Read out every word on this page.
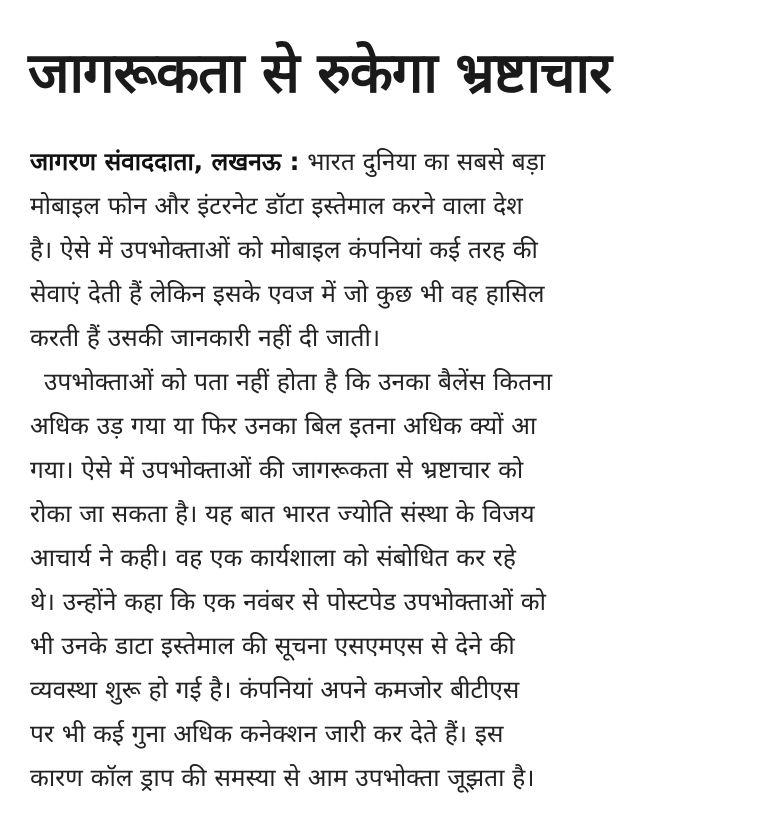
जागरूकता से रुकेगा भ्रष्टाचार
जागरण संवाददाता, लखनऊ : भारत दुनिया का सबसे बड़ा
मोबाइल फोन और इंटरनेट डॉटा इस्तेमाल करने वाला देश
है। ऐसे में उपभोक्ताओं को मोबाइल कंपनियां कई तरह की
सेवाएं देती हैं लेकिन इसके एवज में जो कुछ भी वह हासिल
करती हैं उसकी जानकारी नहीं दी जाती।
उपभोक्ताओं को पता नहीं होता है कि उनका बैलेंस कितना
अधिक उड़ गया या फिर उनका बिल इतना अधिक क्यों आ
गया। ऐसे में उपभोक्ताओं की जागरूकता से भ्रष्टाचार को
रोका जा सकता है। यह बात भारत ज्योति संस्था के विजय
आचार्य ने कही। वह एक कार्यशाला को संबोधित कर रहे
थे। उन्होंने कहा कि एक नवंबर से पोस्टपेड उपभोक्ताओं को
भी उनके डाटा इस्तेमाल की सूचना एसएमएस से देने की
व्यवस्था शुरू हो गई है। कंपनियां अपने कमजोर बीटीएस
पर भी कई गुना अधिक कनेक्शन जारी कर देते हैं। इस
कारण कॉल ड्राप की समस्या से आम उपभोक्ता जूझता है।
